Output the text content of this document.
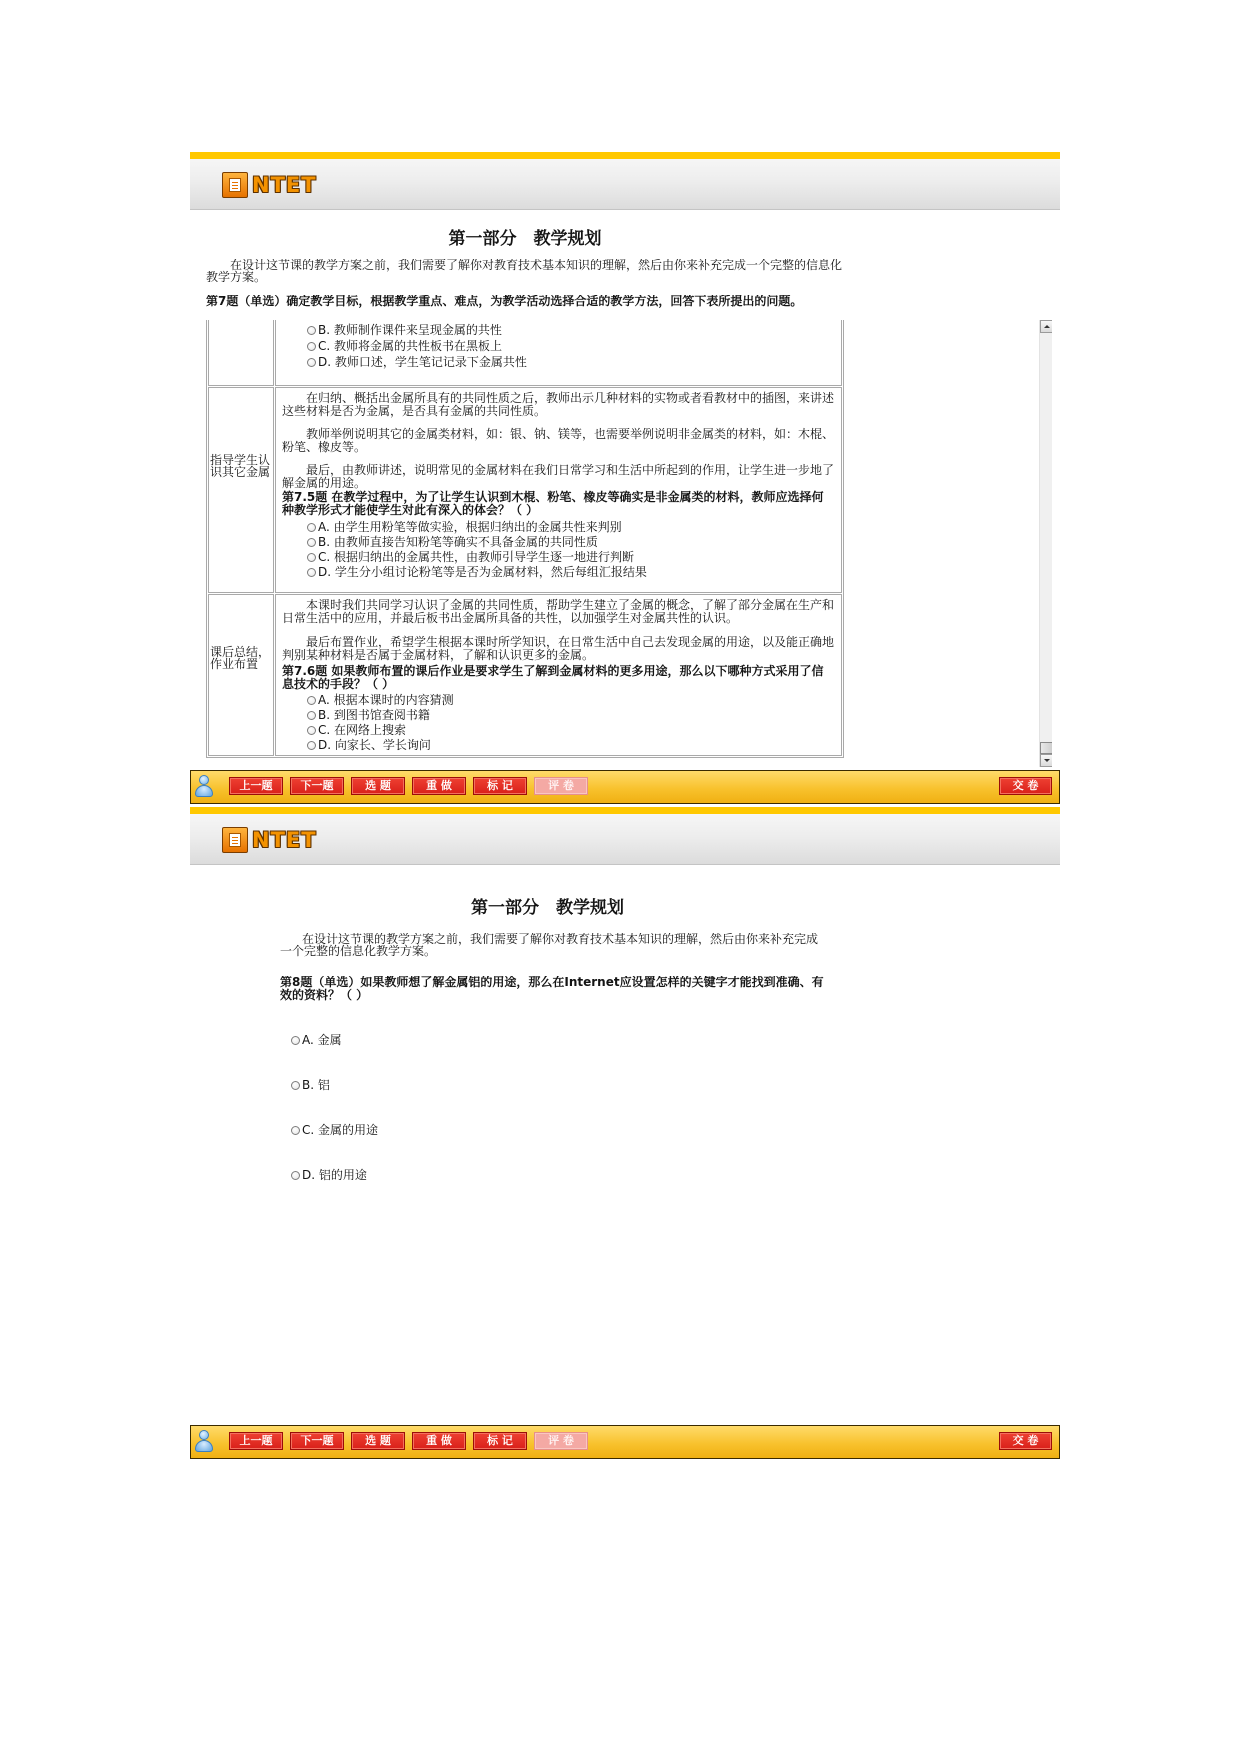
NTET
第一部分　教学规划

在设计这节课的教学方案之前，我们需要了解你对教育技术基本知识的理解，然后由你来补充完成一个完整的信息化教学方案。

第7题（单选）确定教学目标，根据教学重点、难点，为教学活动选择合适的教学方法，回答下表所提出的问题。

B. 教师制作课件来呈现金属的共性
C. 教师将金属的共性板书在黑板上
D. 教师口述，学生笔记记录下金属共性
指导学生认识其它金属

在归纳、概括出金属所具有的共同性质之后，教师出示几种材料的实物或者看教材中的插图，来讲述这些材料是否为金属，是否具有金属的共同性质。

教师举例说明其它的金属类材料，如：银、钠、镁等，也需要举例说明非金属类的材料，如：木棍、粉笔、橡皮等。

最后，由教师讲述，说明常见的金属材料在我们日常学习和生活中所起到的作用，让学生进一步地了解金属的用途。

第7.5题 在教学过程中，为了让学生认识到木棍、粉笔、橡皮等确实是非金属类的材料，教师应选择何种教学形式才能使学生对此有深入的体会？（ ）

A. 由学生用粉笔等做实验，根据归纳出的金属共性来判别
B. 由教师直接告知粉笔等确实不具备金属的共同性质
C. 根据归纳出的金属共性，由教师引导学生逐一地进行判断
D. 学生分小组讨论粉笔等是否为金属材料，然后每组汇报结果
课后总结，作业布置

本课时我们共同学习认识了金属的共同性质，帮助学生建立了金属的概念，了解了部分金属在生产和日常生活中的应用，并最后板书出金属所具备的共性，以加强学生对金属共性的认识。

最后布置作业，希望学生根据本课时所学知识，在日常生活中自己去发现金属的用途，以及能正确地判别某种材料是否属于金属材料，了解和认识更多的金属。

第7.6题 如果教师布置的课后作业是要求学生了解到金属材料的更多用途，那么以下哪种方式采用了信息技术的手段？（ ）

A. 根据本课时的内容猜测
B. 到图书馆查阅书籍
C. 在网络上搜索
D. 向家长、学长询问
上一题	下一题	选 题	重 做	标 记	评 卷	交 卷
NTET
第一部分　教学规划

在设计这节课的教学方案之前，我们需要了解你对教育技术基本知识的理解，然后由你来补充完成一个完整的信息化教学方案。

第8题（单选）如果教师想了解金属铝的用途，那么在Internet应设置怎样的关键字才能找到准确、有效的资料？（ ）

A. 金属
B. 铝
C. 金属的用途
D. 铝的用途
上一题	下一题	选 题	重 做	标 记	评 卷	交 卷
